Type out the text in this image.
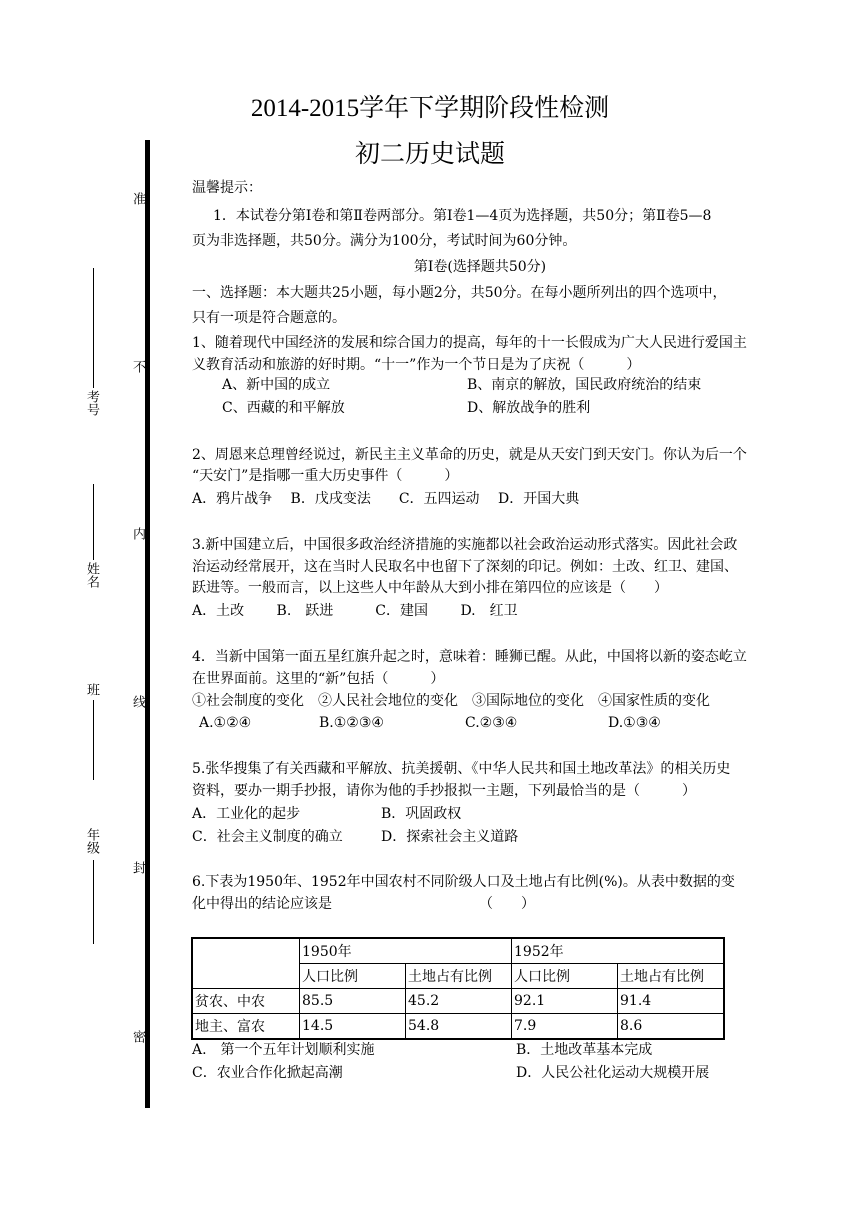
2014-2015学年下学期阶段性检测
初二历史试题
准
不
内
线
封
密
考号
姓名
班
年级
温馨提示：
1．本试卷分第Ⅰ卷和第Ⅱ卷两部分。第Ⅰ卷1—4页为选择题，共50分；第Ⅱ卷5—8
页为非选择题，共50分。满分为100分，考试时间为60分钟。
第Ⅰ卷(选择题共50分)
一、选择题：本大题共25小题，每小题2分，共50分。在每小题所列出的四个选项中，
只有一项是符合题意的。
1、随着现代中国经济的发展和综合国力的提高，每年的十一长假成为广大人民进行爱国主
义教育活动和旅游的好时期。“十一”作为一个节日是为了庆祝（　　　）
A、新中国的成立	B、南京的解放，国民政府统治的结束
C、西藏的和平解放	D、解放战争的胜利
2、周恩来总理曾经说过，新民主主义革命的历史，就是从天安门到天安门。你认为后一个
“天安门”是指哪一重大历史事件（　　　）
A．鸦片战争　 B．戊戌变法　　C．五四运动　 D．开国大典
3.新中国建立后，中国很多政治经济措施的实施都以社会政治运动形式落实。因此社会政
治运动经常展开，这在当时人民取名中也留下了深刻的印记。例如：土改、红卫、建国、
跃进等。一般而言，以上这些人中年龄从大到小排在第四位的应该是（　　）
A．土改　　 B.　跃进　　　C．建国　　 D.　红卫
4．当新中国第一面五星红旗升起之时，意味着：睡狮已醒。从此，中国将以新的姿态屹立
在世界面前。这里的“新”包括（　　　）
①社会制度的变化　②人民社会地位的变化　③国际地位的变化　④国家性质的变化
A.①②④	B.①②③④	C.②③④	D.①③④
5.张华搜集了有关西藏和平解放、抗美援朝、《中华人民共和国土地改革法》的相关历史
资料，要办一期手抄报，请你为他的手抄报拟一主题，下列最恰当的是（　　　）
A．工业化的起步	B．巩固政权
C．社会主义制度的确立	D．探索社会主义道路
6.下表为1950年、1952年中国农村不同阶级人口及土地占有比例(%)。从表中数据的变
化中得出的结论应该是　　　　　　　　　　　（　　）
	1950年		1952年	
	人口比例	土地占有比例	人口比例	土地占有比例
贫农、中农	85.5	45.2	92.1	91.4
地主、富农	14.5	54.8	7.9	8.6
A.　第一个五年计划顺利实施	B．土地改革基本完成
C．农业合作化掀起高潮	D．人民公社化运动大规模开展
